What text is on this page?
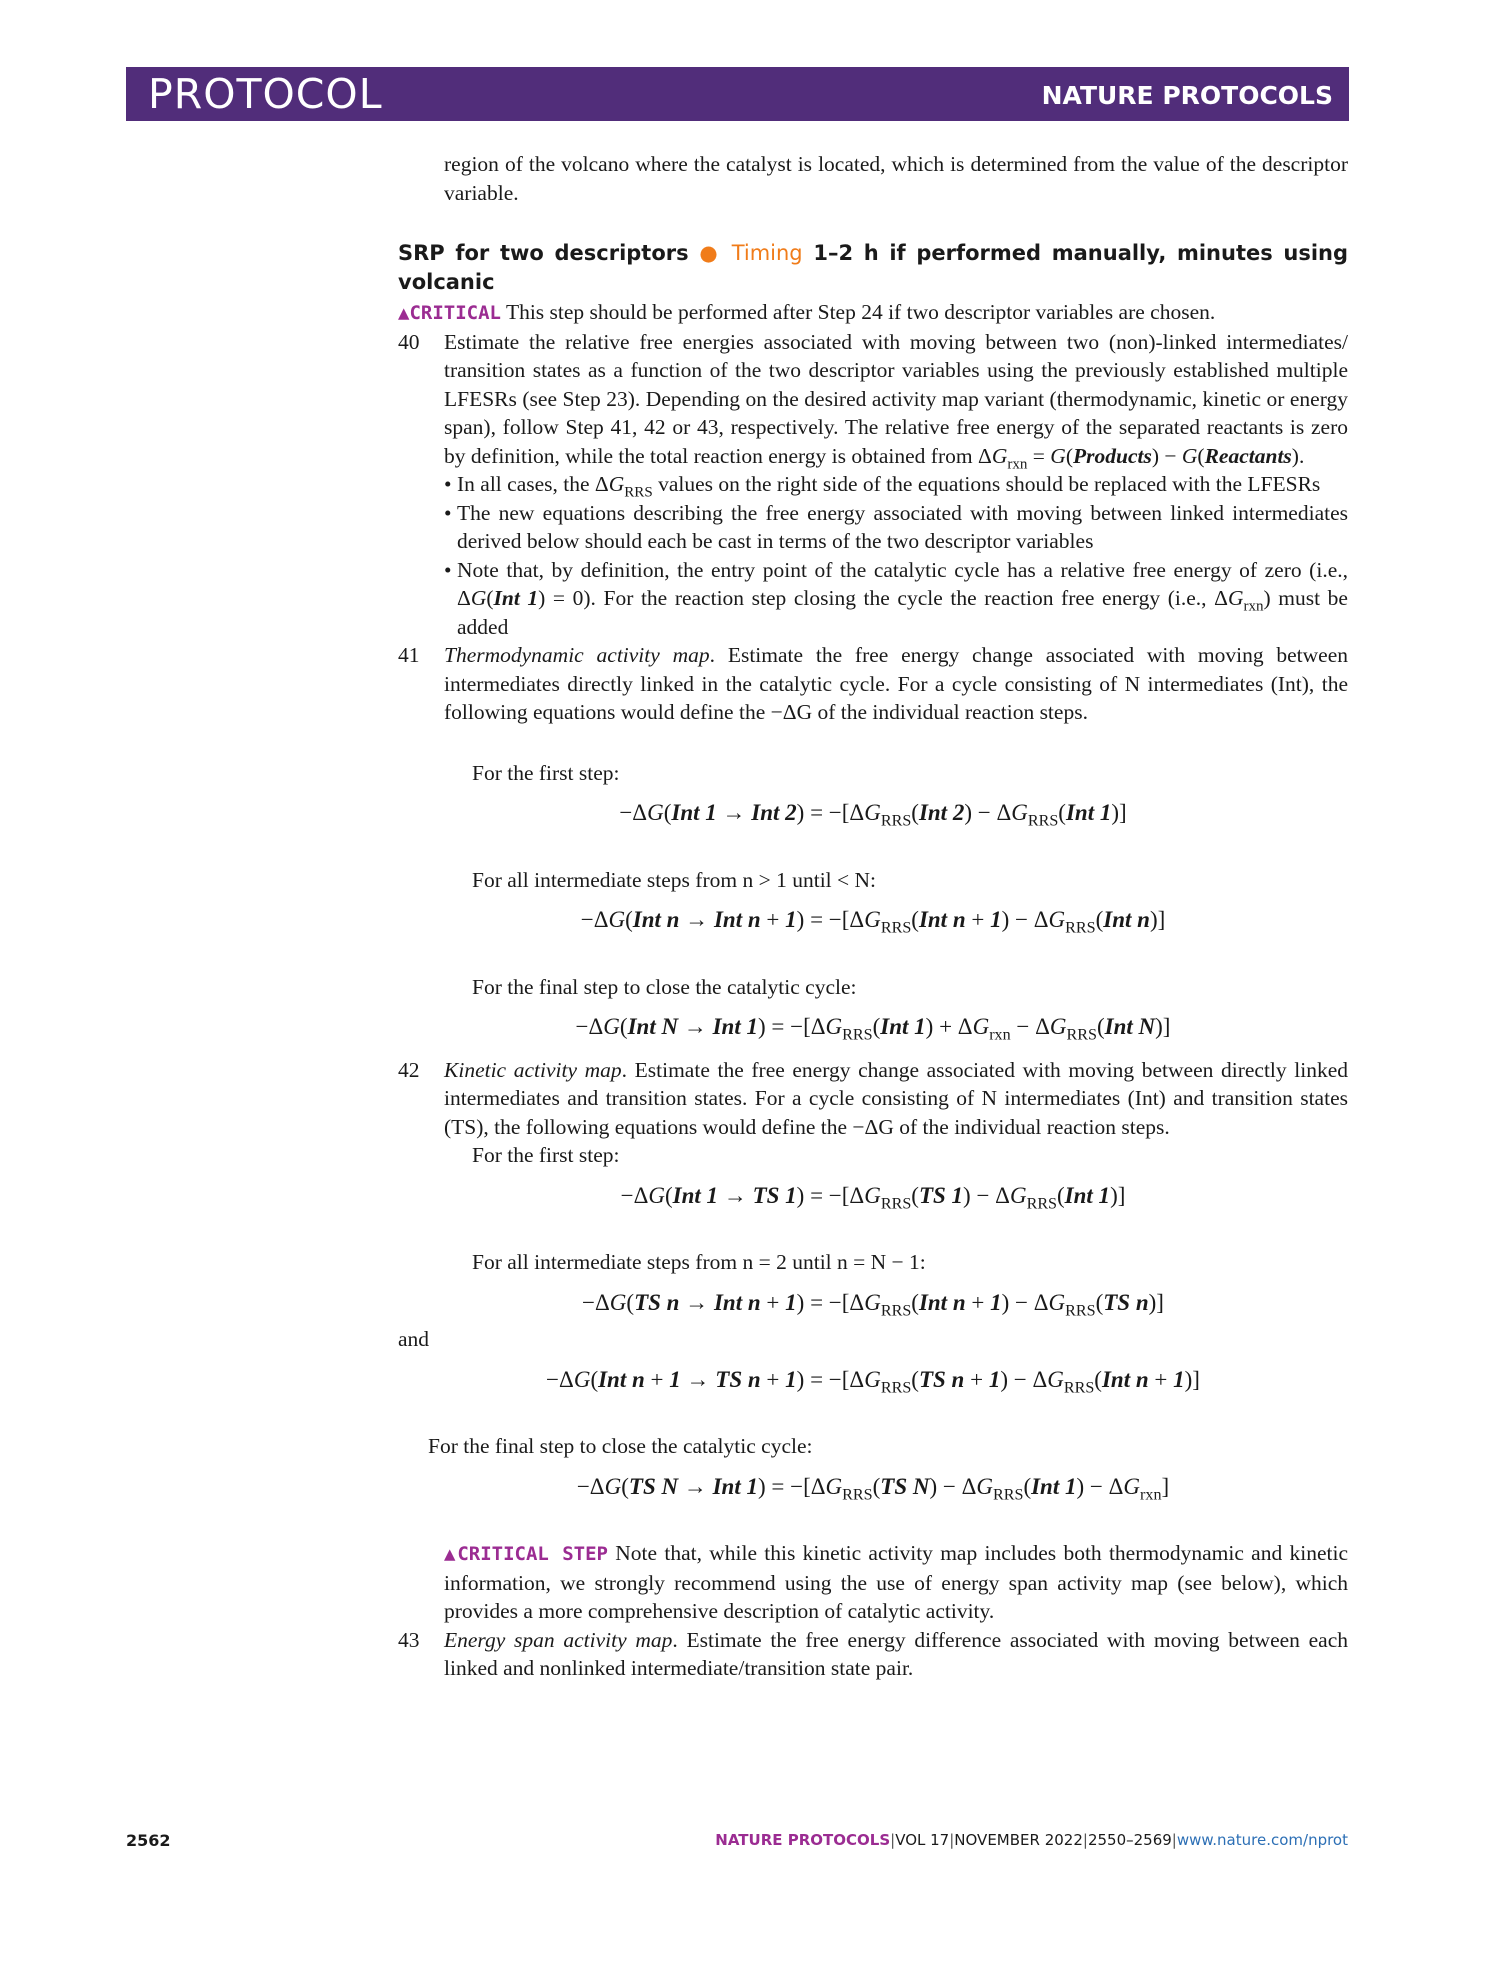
PROTOCOL	NATURE PROTOCOLS

region of the volcano where the catalyst is located, which is determined from the value of the descriptor variable.

SRP for two descriptors ● Timing 1–2 h if performed manually, minutes using volcanic

▲CRITICAL This step should be performed after Step 24 if two descriptor variables are chosen.

40 Estimate the relative free energies associated with moving between two (non)-linked intermediates/ transition states as a function of the two descriptor variables using the previously established multiple LFESRs (see Step 23). Depending on the desired activity map variant (thermodynamic, kinetic or energy span), follow Step 41, 42 or 43, respectively. The relative free energy of the separated reactants is zero by definition, while the total reaction energy is obtained from $\Delta G_{rxn}$ = G(Products) − G(Reactants).

• In all cases, the $\Delta G_{RRS}$ values on the right side of the equations should be replaced with the LFESRs
• The new equations describing the free energy associated with moving between linked intermediates derived below should each be cast in terms of the two descriptor variables
• Note that, by definition, the entry point of the catalytic cycle has a relative free energy of zero (i.e., ΔG(Int 1) = 0). For the reaction step closing the cycle the reaction free energy (i.e., $\Delta G_{rxn}$) must be added
41 Thermodynamic activity map. Estimate the free energy change associated with moving between intermediates directly linked in the catalytic cycle. For a cycle consisting of N intermediates (Int), the following equations would define the −ΔG of the individual reaction steps.

For the first step:

−ΔG(Int 1 → Int $2) = -[\Delta G_{RRS}(Int$ $2) - \Delta G_{RRS}(Int$ 1)]

For all intermediate steps from n > 1 until < N:

−ΔG(Int n → Int $n + 1) = -[\Delta G_{RRS}(Int$ $n + 1) - \Delta G_{RRS}(Int$ n)]

For the final step to close the catalytic cycle:

−ΔG(Int N → Int $1) = -[\Delta G_{RRS}(Int$ $1) + \Delta G_{rxn} - \Delta G_{RRS}(Int$ N)]
42 Kinetic activity map. Estimate the free energy change associated with moving between directly linked intermediates and transition states. For a cycle consisting of N intermediates (Int) and transition states (TS), the following equations would define the −ΔG of the individual reaction steps.

For the first step:

−ΔG(Int 1 → TS $1) = -[\Delta G_{RRS}(TS$ $1) - \Delta G_{RRS}(Int$ 1)]

For all intermediate steps from n = 2 until n = N − 1:

−ΔG(TS n → Int $n + 1) = -[\Delta G_{RRS}(Int$ $n + 1) - \Delta G_{RRS}(TS$ n)]

and

−ΔG(Int n + 1 → TS $n + 1) = -[\Delta G_{RRS}(TS$ $n + 1) - \Delta G_{RRS}(Int$ n + 1)]

For the final step to close the catalytic cycle:

−ΔG(TS N → Int $1) = -[\Delta G_{RRS}(TS$ $N) - \Delta G_{RRS}(Int$ $1) - \Delta G_{rxn}$]

▲CRITICAL STEP Note that, while this kinetic activity map includes both thermodynamic and kinetic information, we strongly recommend using the use of energy span activity map (see below), which provides a more comprehensive description of catalytic activity.

43 Energy span activity map. Estimate the free energy difference associated with moving between each linked and nonlinked intermediate/transition state pair.

2562	NATURE PROTOCOLS|VOL 17|NOVEMBER 2022|2550–2569|www.nature.com/nprot
